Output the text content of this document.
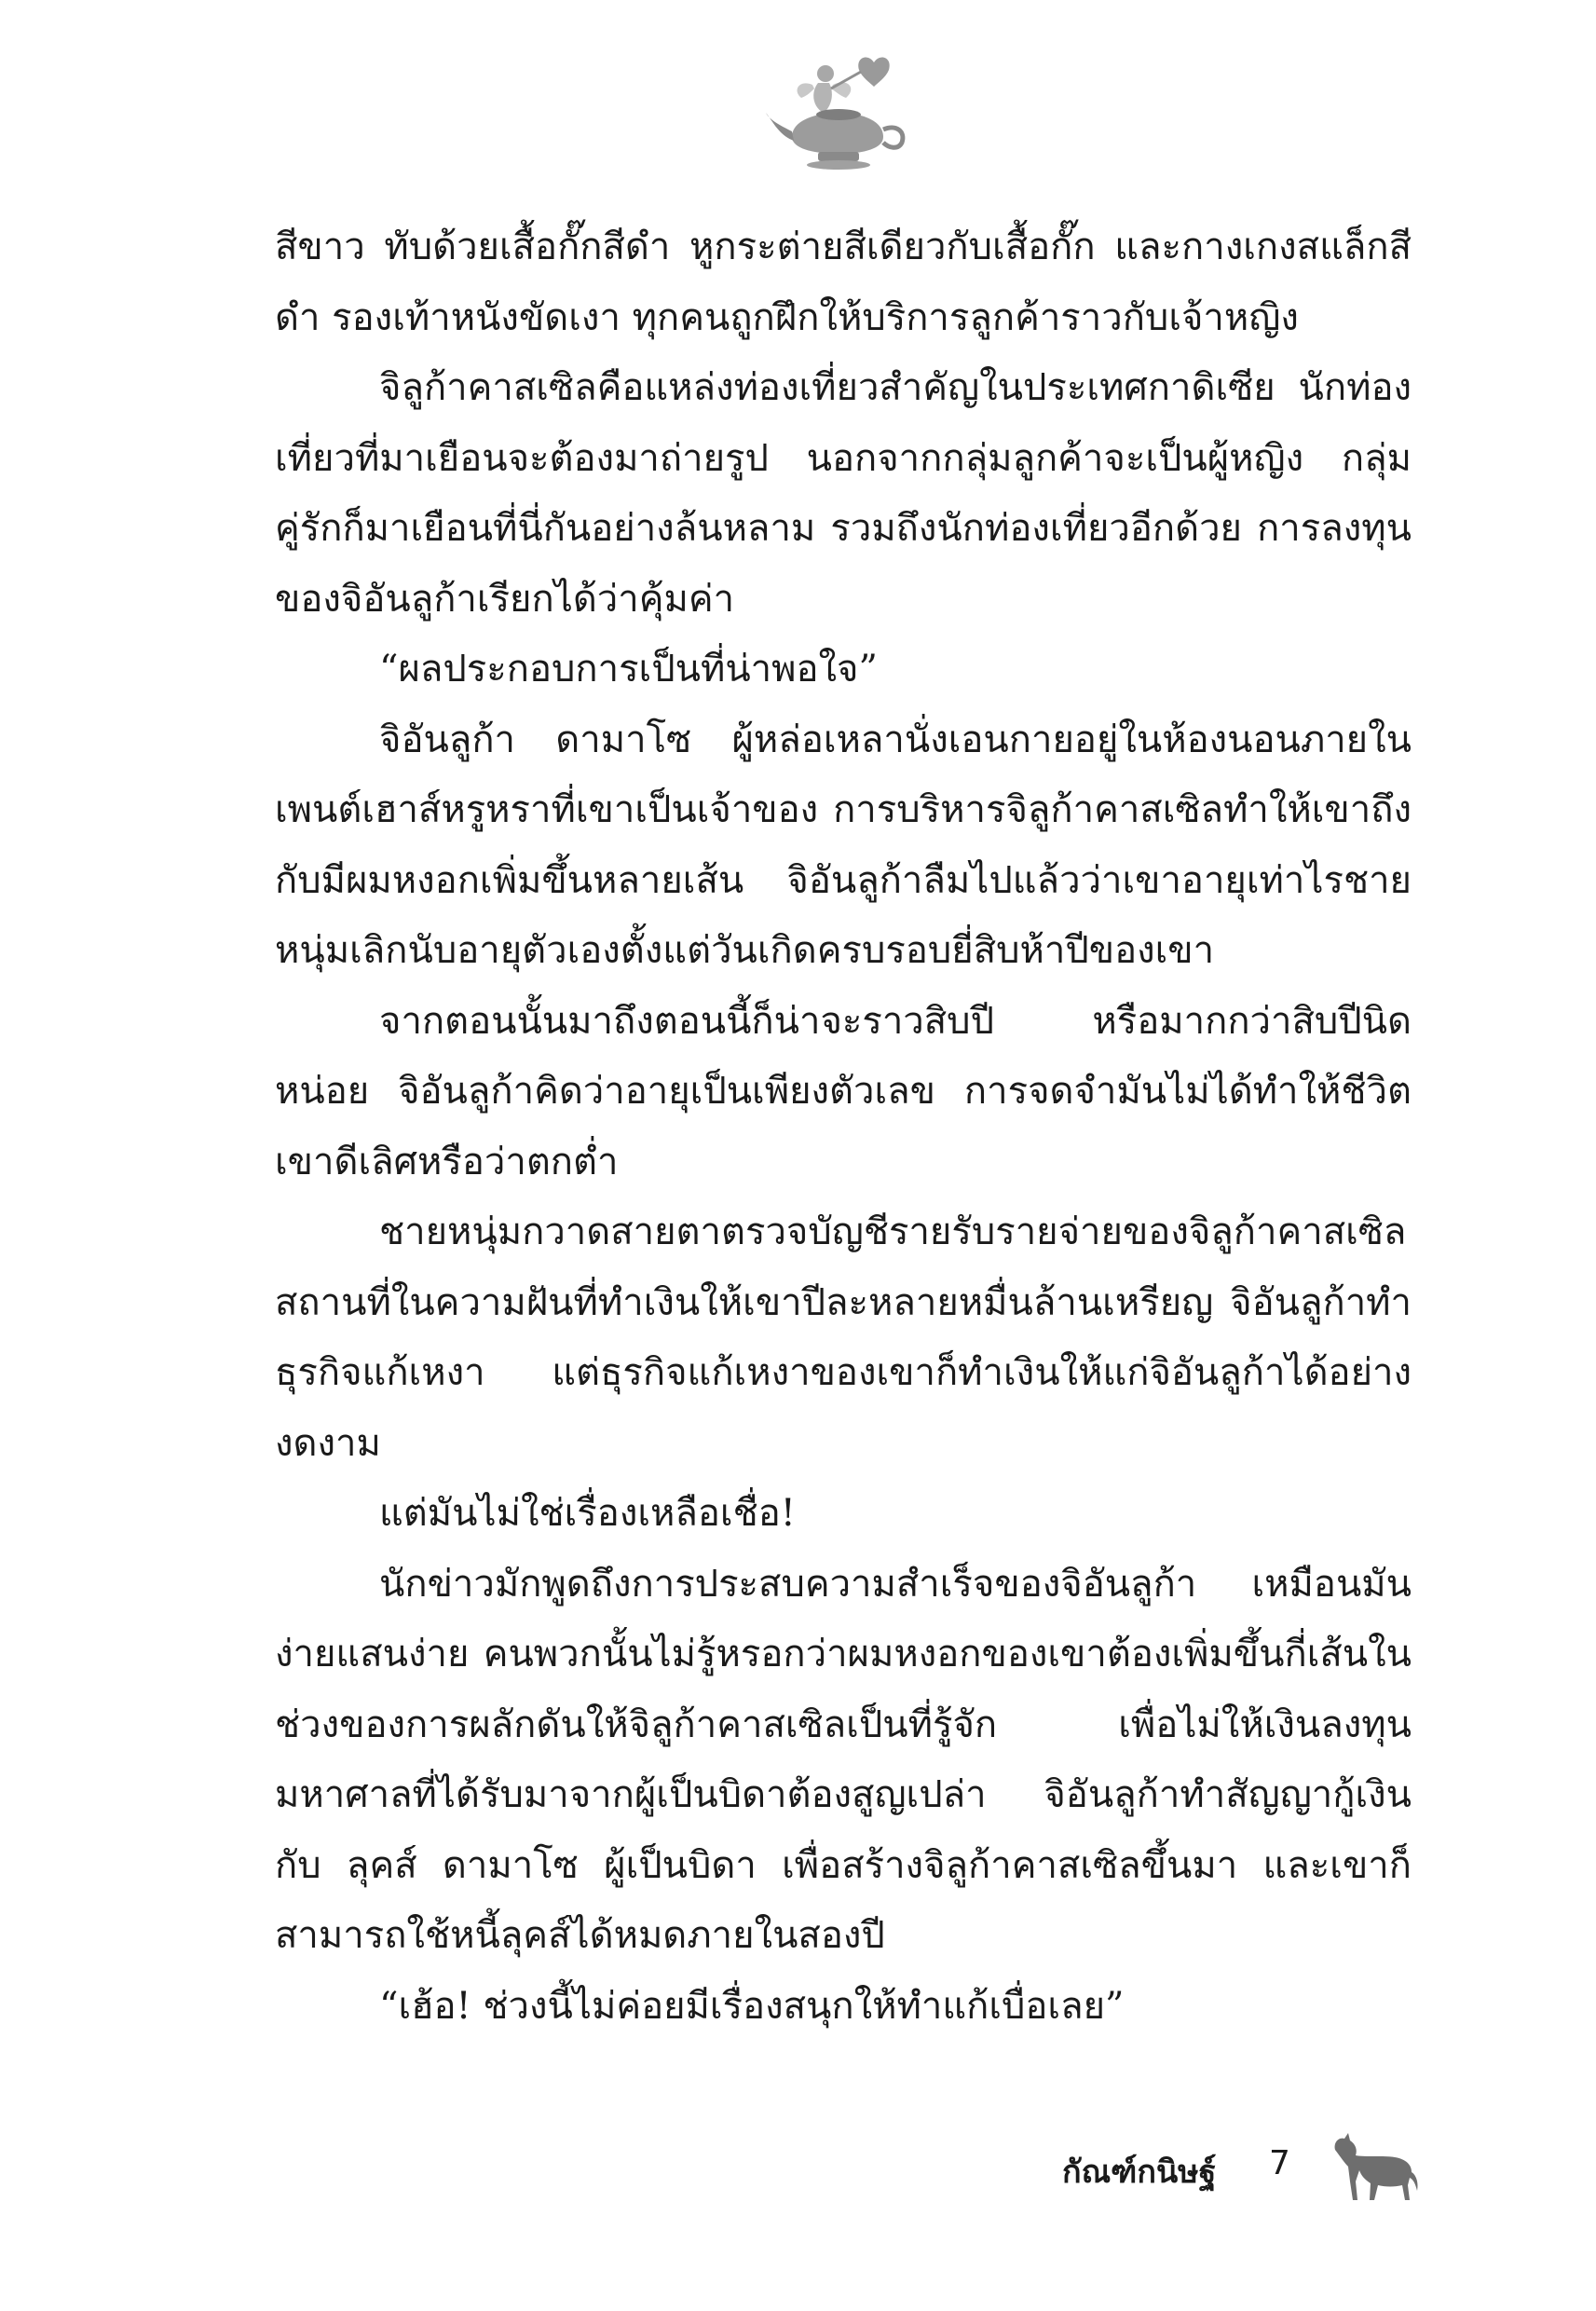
สีขาว ทับด้วยเสื้อกั๊กสีดำ หูกระต่ายสีเดียวกับเสื้อกั๊ก และกางเกงสแล็กสีดำ รองเท้าหนังขัดเงา ทุกคนถูกฝึกให้บริการลูกค้าราวกับเจ้าหญิง

จิลูก้าคาสเซิลคือแหล่งท่องเที่ยวสำคัญในประเทศกาดิเซีย นักท่องเที่ยวที่มาเยือนจะต้องมาถ่ายรูป นอกจากกลุ่มลูกค้าจะเป็นผู้หญิง กลุ่มคู่รักก็มาเยือนที่นี่กันอย่างล้นหลาม รวมถึงนักท่องเที่ยวอีกด้วย การลงทุนของจิอันลูก้าเรียกได้ว่าคุ้มค่า

“ผลประกอบการเป็นที่น่าพอใจ”

จิอันลูก้า ดามาโซ ผู้หล่อเหลานั่งเอนกายอยู่ในห้องนอนภายในเพนต์เฮาส์หรูหราที่เขาเป็นเจ้าของ การบริหารจิลูก้าคาสเซิลทำให้เขาถึงกับมีผมหงอกเพิ่มขึ้นหลายเส้น จิอันลูก้าลืมไปแล้วว่าเขาอายุเท่าไรชายหนุ่มเลิกนับอายุตัวเองตั้งแต่วันเกิดครบรอบยี่สิบห้าปีของเขา

จากตอนนั้นมาถึงตอนนี้ก็น่าจะราวสิบปี หรือมากกว่าสิบปีนิดหน่อย จิอันลูก้าคิดว่าอายุเป็นเพียงตัวเลข การจดจำมันไม่ได้ทำให้ชีวิตเขาดีเลิศหรือว่าตกต่ำ

ชายหนุ่มกวาดสายตาตรวจบัญชีรายรับรายจ่ายของจิลูก้าคาสเซิลสถานที่ในความฝันที่ทำเงินให้เขาปีละหลายหมื่นล้านเหรียญ จิอันลูก้าทำธุรกิจแก้เหงา แต่ธุรกิจแก้เหงาของเขาก็ทำเงินให้แก่จิอันลูก้าได้อย่างงดงาม

แต่มันไม่ใช่เรื่องเหลือเชื่อ!

นักข่าวมักพูดถึงการประสบความสำเร็จของจิอันลูก้า เหมือนมันง่ายแสนง่าย คนพวกนั้นไม่รู้หรอกว่าผมหงอกของเขาต้องเพิ่มขึ้นกี่เส้นในช่วงของการผลักดันให้จิลูก้าคาสเซิลเป็นที่รู้จัก เพื่อไม่ให้เงินลงทุนมหาศาลที่ได้รับมาจากผู้เป็นบิดาต้องสูญเปล่า จิอันลูก้าทำสัญญากู้เงินกับ ลุคส์ ดามาโซ ผู้เป็นบิดา เพื่อสร้างจิลูก้าคาสเซิลขึ้นมา และเขาก็สามารถใช้หนี้ลุคส์ได้หมดภายในสองปี

“เฮ้อ! ช่วงนี้ไม่ค่อยมีเรื่องสนุกให้ทำแก้เบื่อเลย”

กัณฑ์กนิษฐ์ 7
